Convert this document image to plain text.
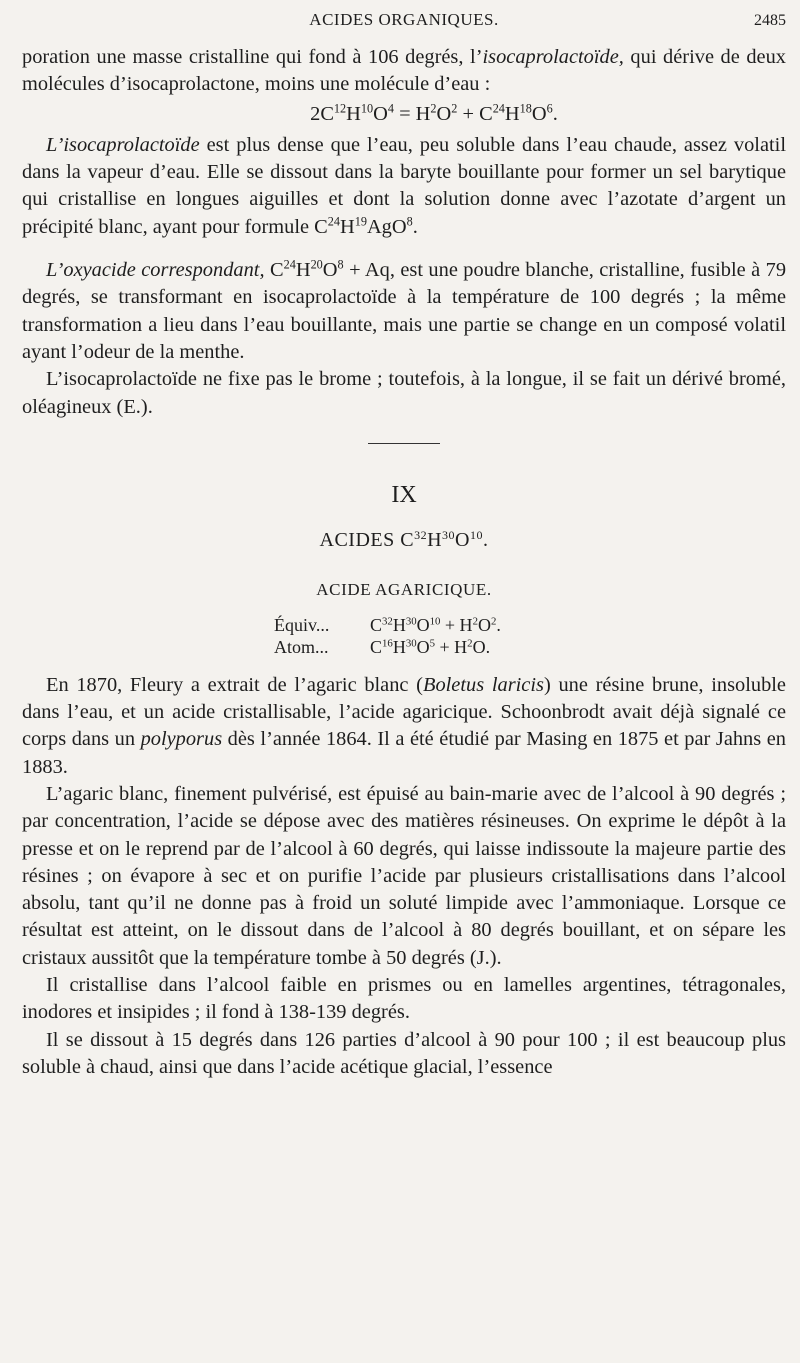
ACIDES ORGANIQUES.	2485

poration une masse cristalline qui fond à 106 degrés, l’isocaprolactoïde, qui dérive de deux molécules d’isocaprolactone, moins une molécule d’eau :

$2C^{12}H^{10}O^4 = H^2O^2 + C^{24}H^{18}O^6$.

L’isocaprolactoïde est plus dense que l’eau, peu soluble dans l’eau chaude, assez volatil dans la vapeur d’eau. Elle se dissout dans la baryte bouillante pour former un sel barytique qui cristallise en longues aiguilles et dont la solution donne avec l’azotate d’argent un précipité blanc, ayant pour formule $C^{24}H^{19}AgO^8$.

L’oxyacide correspondant, $C^{24}H^{20}O^8 + Aq$, est une poudre blanche, cristalline, fusible à 79 degrés, se transformant en isocaprolactoïde à la température de 100 degrés ; la même transformation a lieu dans l’eau bouillante, mais une partie se change en un composé volatil ayant l’odeur de la menthe.

L’isocaprolactoïde ne fixe pas le brome ; toutefois, à la longue, il se fait un dérivé bromé, oléagineux (E.).

IX
ACIDES $C^{32}H^{30}O^{10}$.
ACIDE AGARICIQUE.
Équiv...	$C^{32}H^{30}O^{10} + H^2O^2$.
Atom...	$C^{16}H^{30}O^5 + H^2O$.

En 1870, Fleury a extrait de l’agaric blanc (Boletus laricis) une résine brune, insoluble dans l’eau, et un acide cristallisable, l’acide agaricique. Schoonbrodt avait déjà signalé ce corps dans un polyporus dès l’année 1864. Il a été étudié par Masing en 1875 et par Jahns en 1883.

L’agaric blanc, finement pulvérisé, est épuisé au bain-marie avec de l’alcool à 90 degrés ; par concentration, l’acide se dépose avec des matières résineuses. On exprime le dépôt à la presse et on le reprend par de l’alcool à 60 degrés, qui laisse indissoute la majeure partie des résines ; on évapore à sec et on purifie l’acide par plusieurs cristallisations dans l’alcool absolu, tant qu’il ne donne pas à froid un soluté limpide avec l’ammoniaque. Lorsque ce résultat est atteint, on le dissout dans de l’alcool à 80 degrés bouillant, et on sépare les cristaux aussitôt que la température tombe à 50 degrés (J.).

Il cristallise dans l’alcool faible en prismes ou en lamelles argentines, tétragonales, inodores et insipides ; il fond à 138-139 degrés.

Il se dissout à 15 degrés dans 126 parties d’alcool à 90 pour 100 ; il est beaucoup plus soluble à chaud, ainsi que dans l’acide acétique glacial, l’essence
